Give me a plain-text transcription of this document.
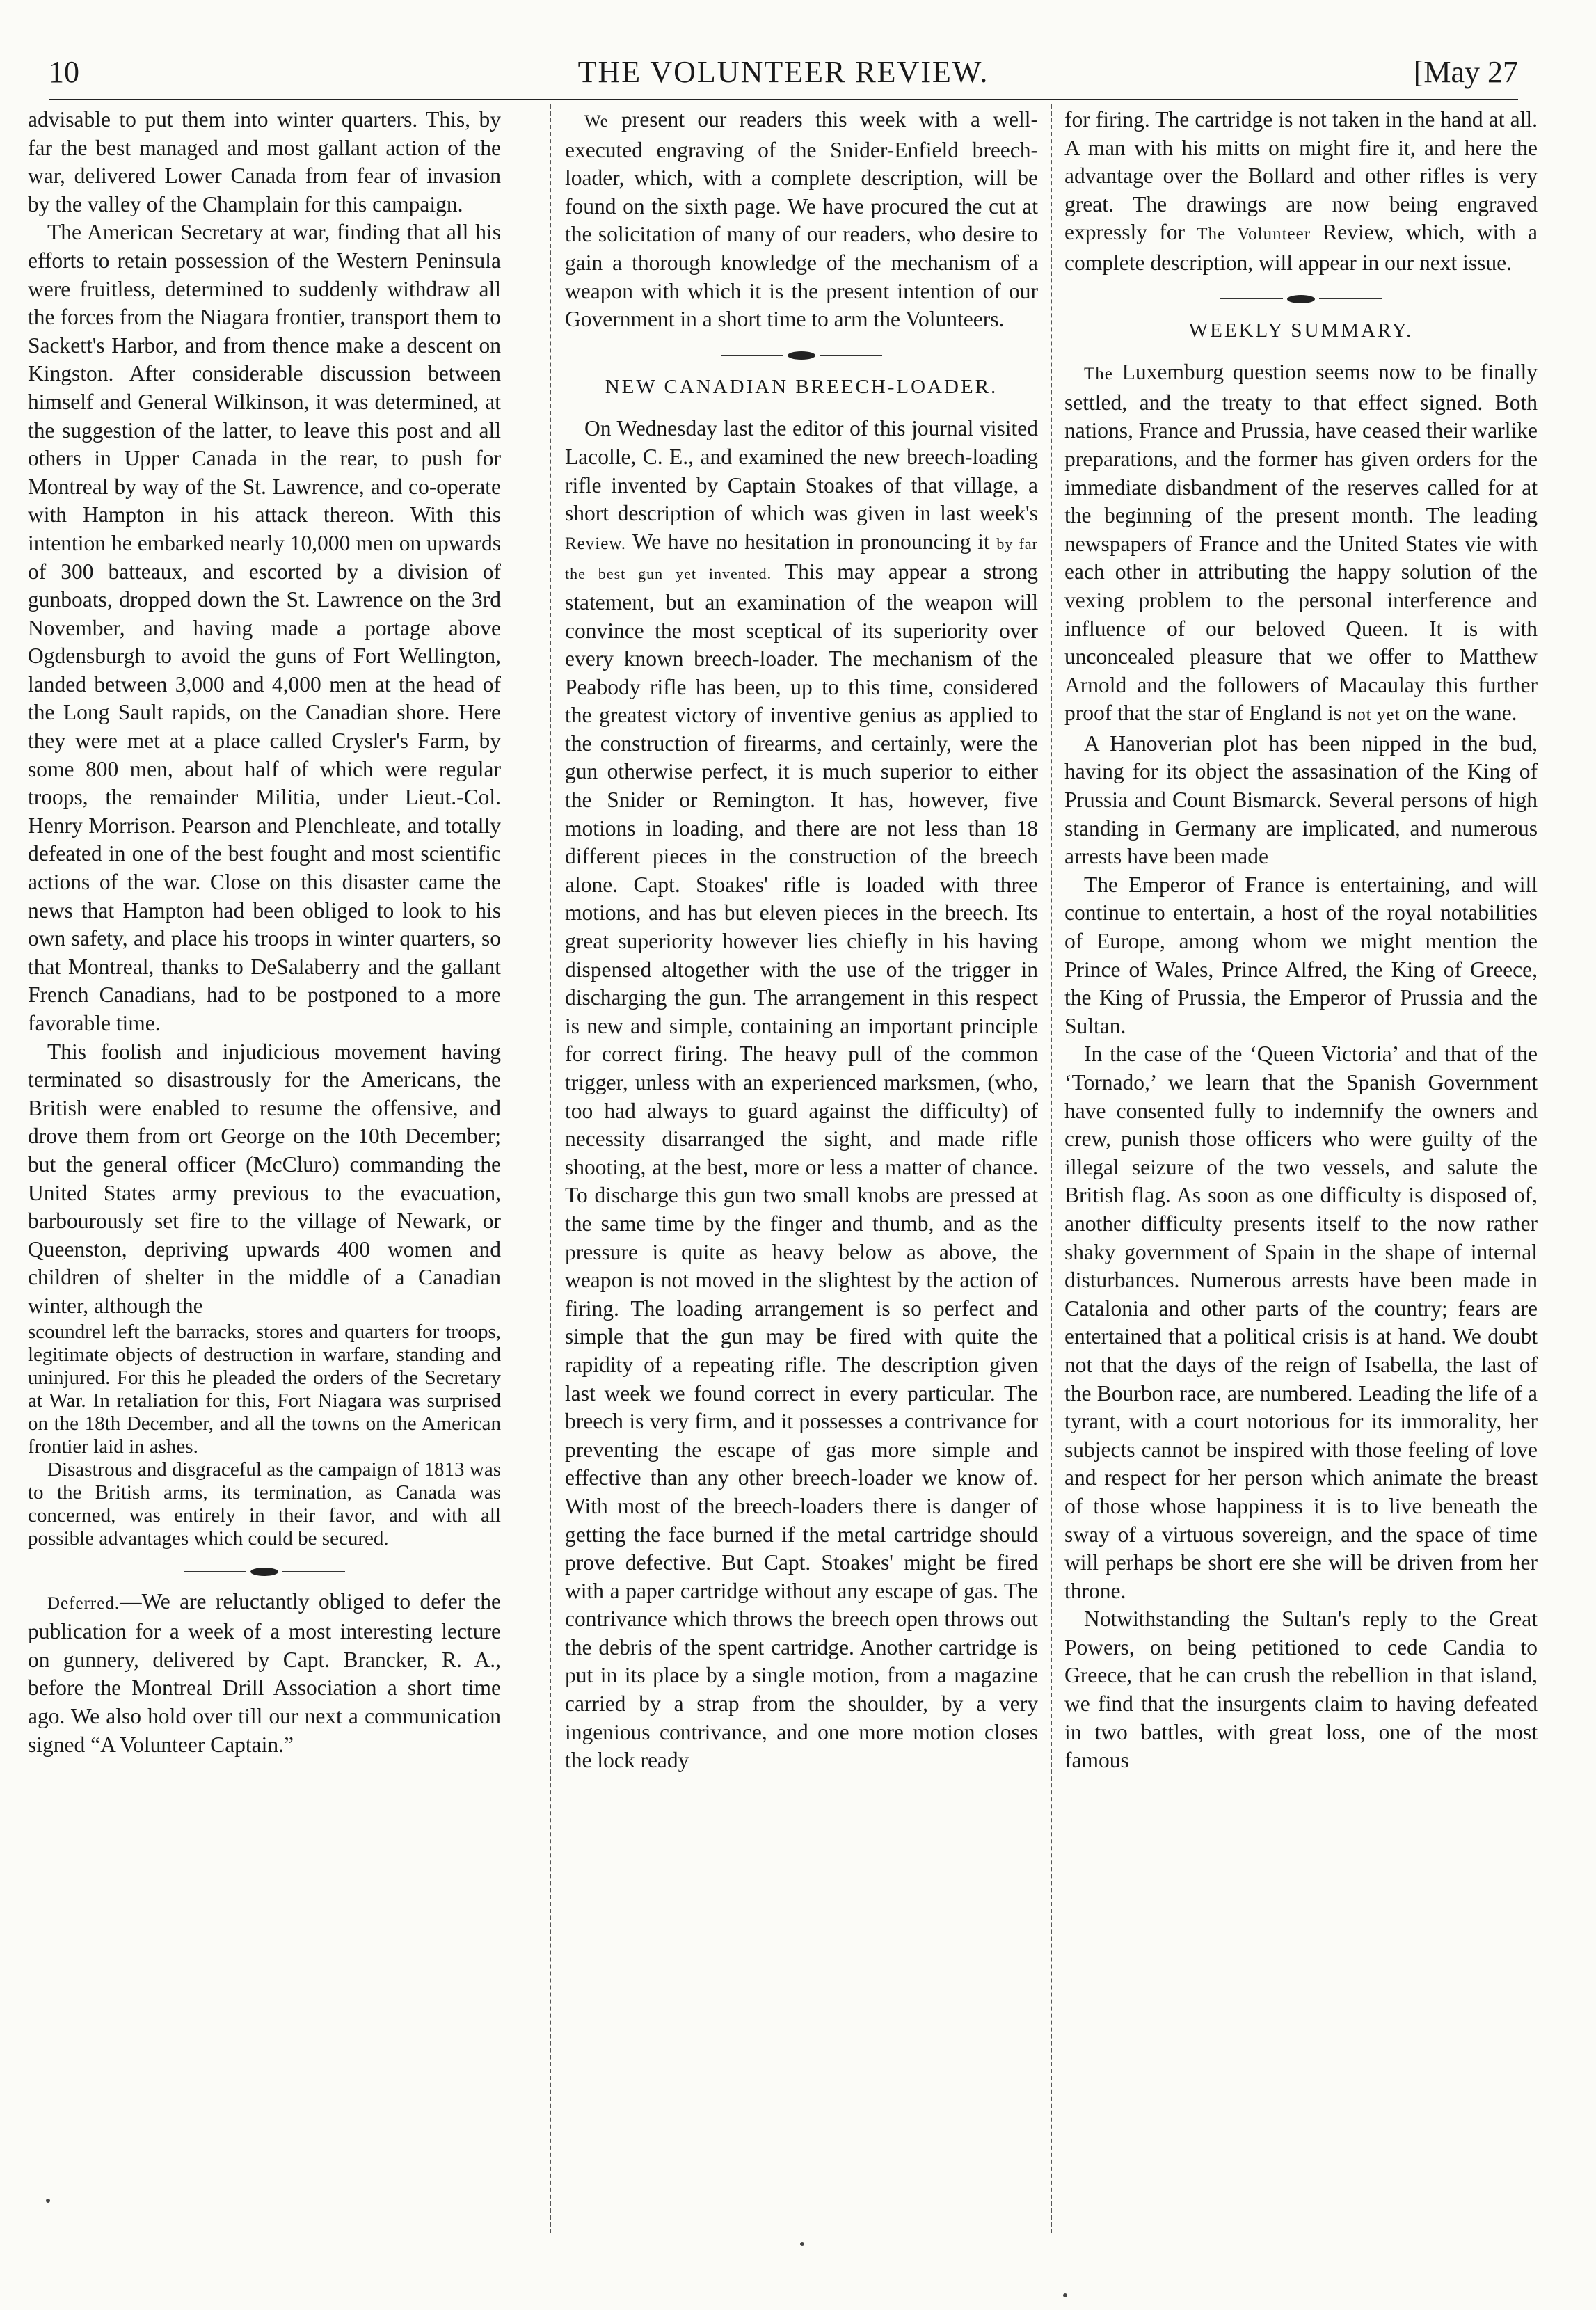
10	THE VOLUNTEER REVIEW.	[May 27

advisable to put them into winter quarters. This, by far the best managed and most gallant action of the war, delivered Lower Canada from fear of invasion by the valley of the Champlain for this campaign.

The American Secretary at war, finding that all his efforts to retain possession of the Western Peninsula were fruitless, determined to suddenly withdraw all the forces from the Niagara frontier, transport them to Sackett's Harbor, and from thence make a descent on Kingston. After considerable discussion between himself and General Wilkinson, it was determined, at the suggestion of the latter, to leave this post and all others in Upper Canada in the rear, to push for Montreal by way of the St. Lawrence, and co-operate with Hampton in his attack thereon. With this intention he embarked nearly 10,000 men on upwards of 300 batteaux, and escorted by a division of gunboats, dropped down the St. Lawrence on the 3rd November, and having made a portage above Ogdensburgh to avoid the guns of Fort Wellington, landed between 3,000 and 4,000 men at the head of the Long Sault rapids, on the Canadian shore. Here they were met at a place called Crysler's Farm, by some 800 men, about half of which were regular troops, the remainder Militia, under Lieut.-Col. Henry Morrison. Pearson and Plenchleate, and totally defeated in one of the best fought and most scientific actions of the war. Close on this disaster came the news that Hampton had been obliged to look to his own safety, and place his troops in winter quarters, so that Montreal, thanks to DeSalaberry and the gallant French Canadians, had to be postponed to a more favorable time.

This foolish and injudicious movement having terminated so disastrously for the Americans, the British were enabled to resume the offensive, and drove them from ort George on the 10th December; but the general officer (McCluro) commanding the United States army previous to the evacuation, barbourously set fire to the village of Newark, or Queenston, depriving upwards 400 women and children of shelter in the middle of a Canadian winter, although the

scoundrel left the barracks, stores and quarters for troops, legitimate objects of destruction in warfare, standing and uninjured. For this he pleaded the orders of the Secretary at War. In retaliation for this, Fort Niagara was surprised on the 18th December, and all the towns on the American frontier laid in ashes.

Disastrous and disgraceful as the campaign of 1813 was to the British arms, its termination, as Canada was concerned, was entirely in their favor, and with all possible advantages which could be secured.

Deferred.—We are reluctantly obliged to defer the publication for a week of a most interesting lecture on gunnery, delivered by Capt. Brancker, R. A., before the Montreal Drill Association a short time ago. We also hold over till our next a communication signed “A Volunteer Captain.”

We present our readers this week with a well-executed engraving of the Snider-Enfield breech-loader, which, with a complete description, will be found on the sixth page. We have procured the cut at the solicitation of many of our readers, who desire to gain a thorough knowledge of the mechanism of a weapon with which it is the present intention of our Government in a short time to arm the Volunteers.

NEW CANADIAN BREECH-LOADER.

On Wednesday last the editor of this journal visited Lacolle, C. E., and examined the new breech-loading rifle invented by Captain Stoakes of that village, a short description of which was given in last week's Review. We have no hesitation in pronouncing it by far the best gun yet invented. This may appear a strong statement, but an examination of the weapon will convince the most sceptical of its superiority over every known breech-loader. The mechanism of the Peabody rifle has been, up to this time, considered the greatest victory of inventive genius as applied to the construction of firearms, and certainly, were the gun otherwise perfect, it is much superior to either the Snider or Remington. It has, however, five motions in loading, and there are not less than 18 different pieces in the construction of the breech alone. Capt. Stoakes' rifle is loaded with three motions, and has but eleven pieces in the breech. Its great superiority however lies chiefly in his having dispensed altogether with the use of the trigger in discharging the gun. The arrangement in this respect is new and simple, containing an important principle for correct firing. The heavy pull of the common trigger, unless with an experienced marksmen, (who, too had always to guard against the difficulty) of necessity disarranged the sight, and made rifle shooting, at the best, more or less a matter of chance. To discharge this gun two small knobs are pressed at the same time by the finger and thumb, and as the pressure is quite as heavy below as above, the weapon is not moved in the slightest by the action of firing. The loading arrangement is so perfect and simple that the gun may be fired with quite the rapidity of a repeating rifle. The description given last week we found correct in every particular. The breech is very firm, and it possesses a contrivance for preventing the escape of gas more simple and effective than any other breech-loader we know of. With most of the breech-loaders there is danger of getting the face burned if the metal cartridge should prove defective. But Capt. Stoakes' might be fired with a paper cartridge without any escape of gas. The contrivance which throws the breech open throws out the debris of the spent cartridge. Another cartridge is put in its place by a single motion, from a magazine carried by a strap from the shoulder, by a very ingenious contrivance, and one more motion closes the lock ready

for firing. The cartridge is not taken in the hand at all. A man with his mitts on might fire it, and here the advantage over the Bollard and other rifles is very great. The drawings are now being engraved expressly for The Volunteer Review, which, with a complete description, will appear in our next issue.

WEEKLY SUMMARY.

The Luxemburg question seems now to be finally settled, and the treaty to that effect signed. Both nations, France and Prussia, have ceased their warlike preparations, and the former has given orders for the immediate disbandment of the reserves called for at the beginning of the present month. The leading newspapers of France and the United States vie with each other in attributing the happy solution of the vexing problem to the personal interference and influence of our beloved Queen. It is with unconcealed pleasure that we offer to Matthew Arnold and the followers of Macaulay this further proof that the star of England is not yet on the wane.

A Hanoverian plot has been nipped in the bud, having for its object the assasination of the King of Prussia and Count Bismarck. Several persons of high standing in Germany are implicated, and numerous arrests have been made

The Emperor of France is entertaining, and will continue to entertain, a host of the royal notabilities of Europe, among whom we might mention the Prince of Wales, Prince Alfred, the King of Greece, the King of Prussia, the Emperor of Prussia and the Sultan.

In the case of the ‘Queen Victoria’ and that of the ‘Tornado,’ we learn that the Spanish Government have consented fully to indemnify the owners and crew, punish those officers who were guilty of the illegal seizure of the two vessels, and salute the British flag. As soon as one difficulty is disposed of, another difficulty presents itself to the now rather shaky government of Spain in the shape of internal disturbances. Numerous arrests have been made in Catalonia and other parts of the country; fears are entertained that a political crisis is at hand. We doubt not that the days of the reign of Isabella, the last of the Bourbon race, are numbered. Leading the life of a tyrant, with a court notorious for its immorality, her subjects cannot be inspired with those feeling of love and respect for her person which animate the breast of those whose happiness it is to live beneath the sway of a virtuous sovereign, and the space of time will perhaps be short ere she will be driven from her throne.

Notwithstanding the Sultan's reply to the Great Powers, on being petitioned to cede Candia to Greece, that he can crush the rebellion in that island, we find that the insurgents claim to having defeated in two battles, with great loss, one of the most famous
